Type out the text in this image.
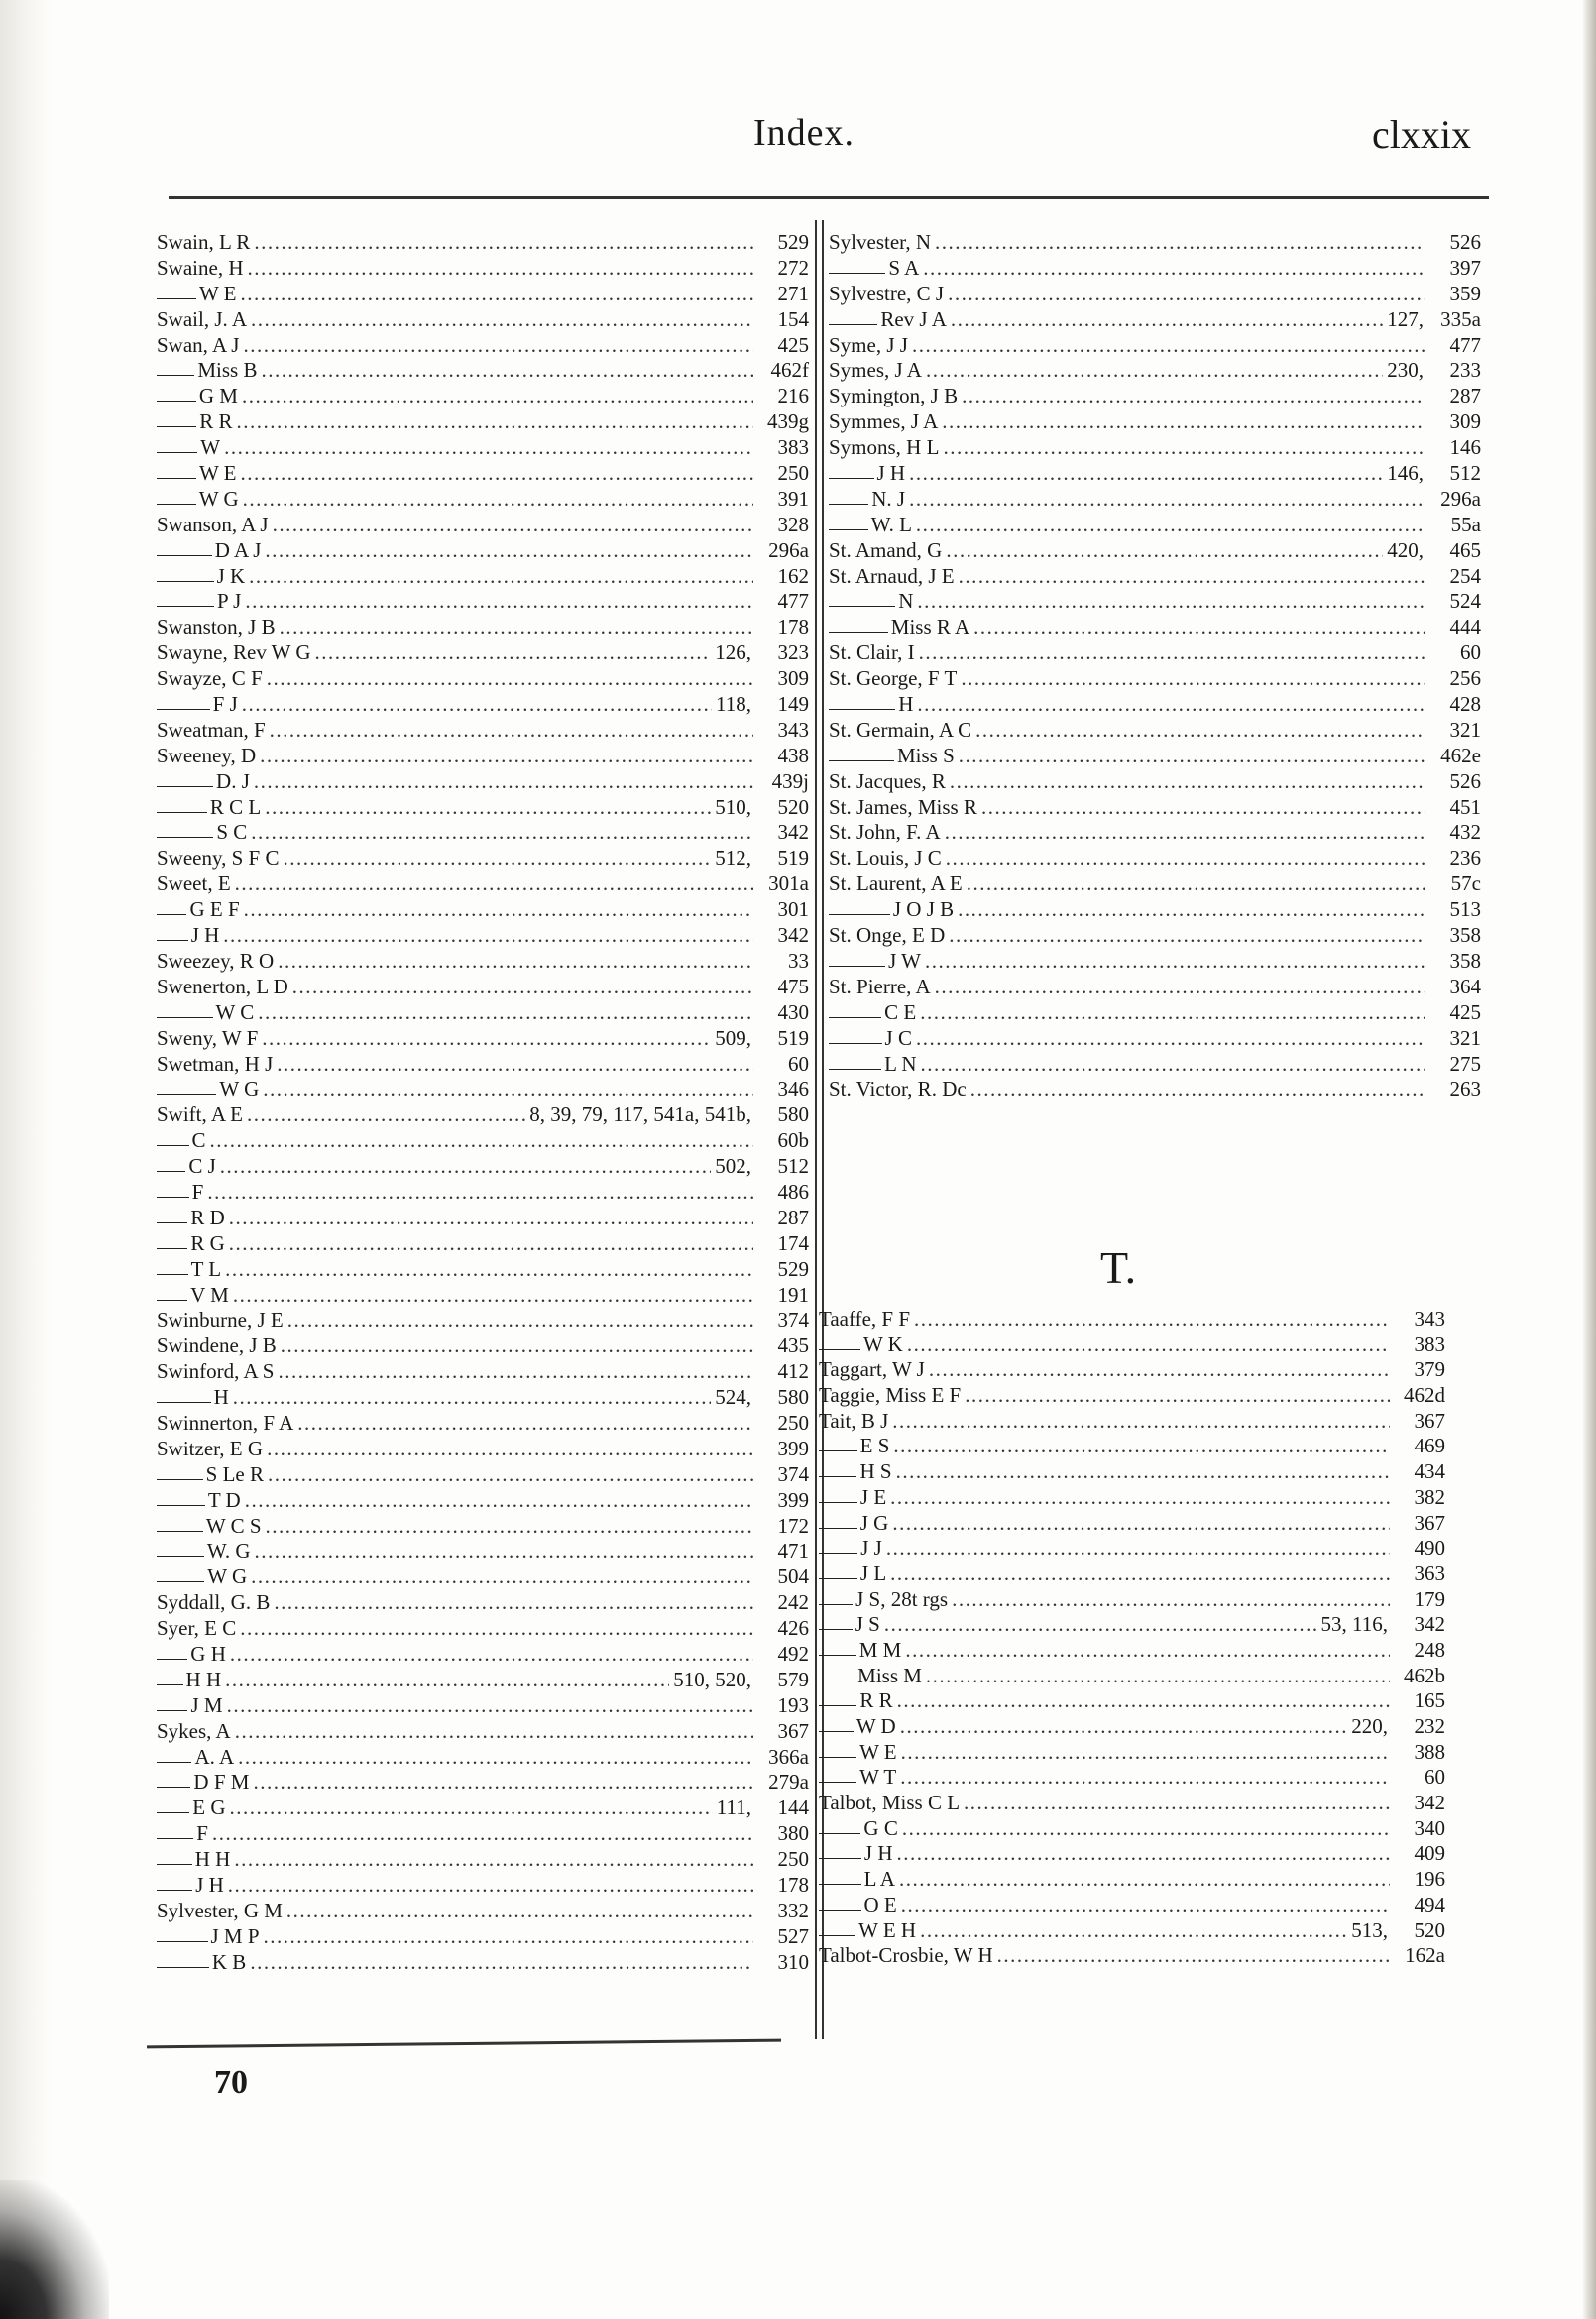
Index.	clxxix
Swain, L R .....	529
Swaine, H .....	272
W E .....	271
Swail, J. A .....	154
Swan, A J .....	425
Miss B .....	462f
G M .....	216
R R .....	439g
W .....	383
W E .....	250
W G .....	391
Swanson, A J .....	328
D A J .....	296a
J K .....	162
P J .....	477
Swanston, J B .....	178
Swayne, Rev W G .....	126,	323
Swayze, C F .....	309
F J .....	118,	149
Sweatman, F .....	343
Sweeney, D .....	438
D. J .....	439j
R C L .....	510,	520
S C .....	342
Sweeny, S F C .....	512,	519
Sweet, E .....	301a
G E F .....	301
J H .....	342
Sweezey, R O .....	33
Swenerton, L D .....	475
W C .....	430
Sweny, W F .....	509,	519
Swetman, H J .....	60
W G .....	346
Swift, A E .....	8, 39, 79, 117, 541a, 541b,	580
C .....	60b
C J .....	502,	512
F .....	486
R D .....	287
R G .....	174
T L .....	529
V M .....	191
Swinburne, J E .....	374
Swindene, J B .....	435
Swinford, A S .....	412
H .....	524,	580
Swinnerton, F A .....	250
Switzer, E G .....	399
S Le R .....	374
T D .....	399
W C S .....	172
W. G .....	471
W G .....	504
Syddall, G. B .....	242
Syer, E C .....	426
G H .....	492
H H .....	510, 520,	579
J M .....	193
Sykes, A .....	367
A. A .....	366a
D F M .....	279a
E G .....	111,	144
F .....	380
H H .....	250
J H .....	178
Sylvester, G M .....	332
J M P .....	527
K B .....	310
Sylvester, N .....	526
S A .....	397
Sylvestre, C J .....	359
Rev J A .....	127, 335a
Syme, J J .....	477
Symes, J A .....	230,	233
Symington, J B .....	287
Symmes, J A .....	309
Symons, H L .....	146
J H .....	146,	512
N. J .....	296a
W. L .....	55a
St. Amand, G .....	420,	465
St. Arnaud, J E .....	254
N .....	524
Miss R A .....	444
St. Clair, I .....	60
St. George, F T .....	256
H .....	428
St. Germain, A C .....	321
Miss S .....	462e
St. Jacques, R .....	526
St. James, Miss R .....	451
St. John, F. A .....	432
St. Louis, J C .....	236
St. Laurent, A E .....	57c
J O J B .....	513
St. Onge, E D .....	358
J W .....	358
St. Pierre, A .....	364
C E .....	425
J C .....	321
L N .....	275
St. Victor, R. Dc .....	263
T.
Taaffe, F F .....	343
W K .....	383
Taggart, W J .....	379
Taggie, Miss E F .....	462d
Tait, B J .....	367
E S .....	469
H S .....	434
J E .....	382
J G .....	367
J J .....	490
J L .....	363
J S, 28t rgs .....	179
J S .....	53, 116,	342
M M .....	248
Miss M .....	462b
R R .....	165
W D .....	220,	232
W E .....	388
W T .....	60
Talbot, Miss C L .....	342
G C .....	340
J H .....	409
L A .....	196
O E .....	494
W E H .....	513,	520
Talbot-Crosbie, W H .....	162a
70
